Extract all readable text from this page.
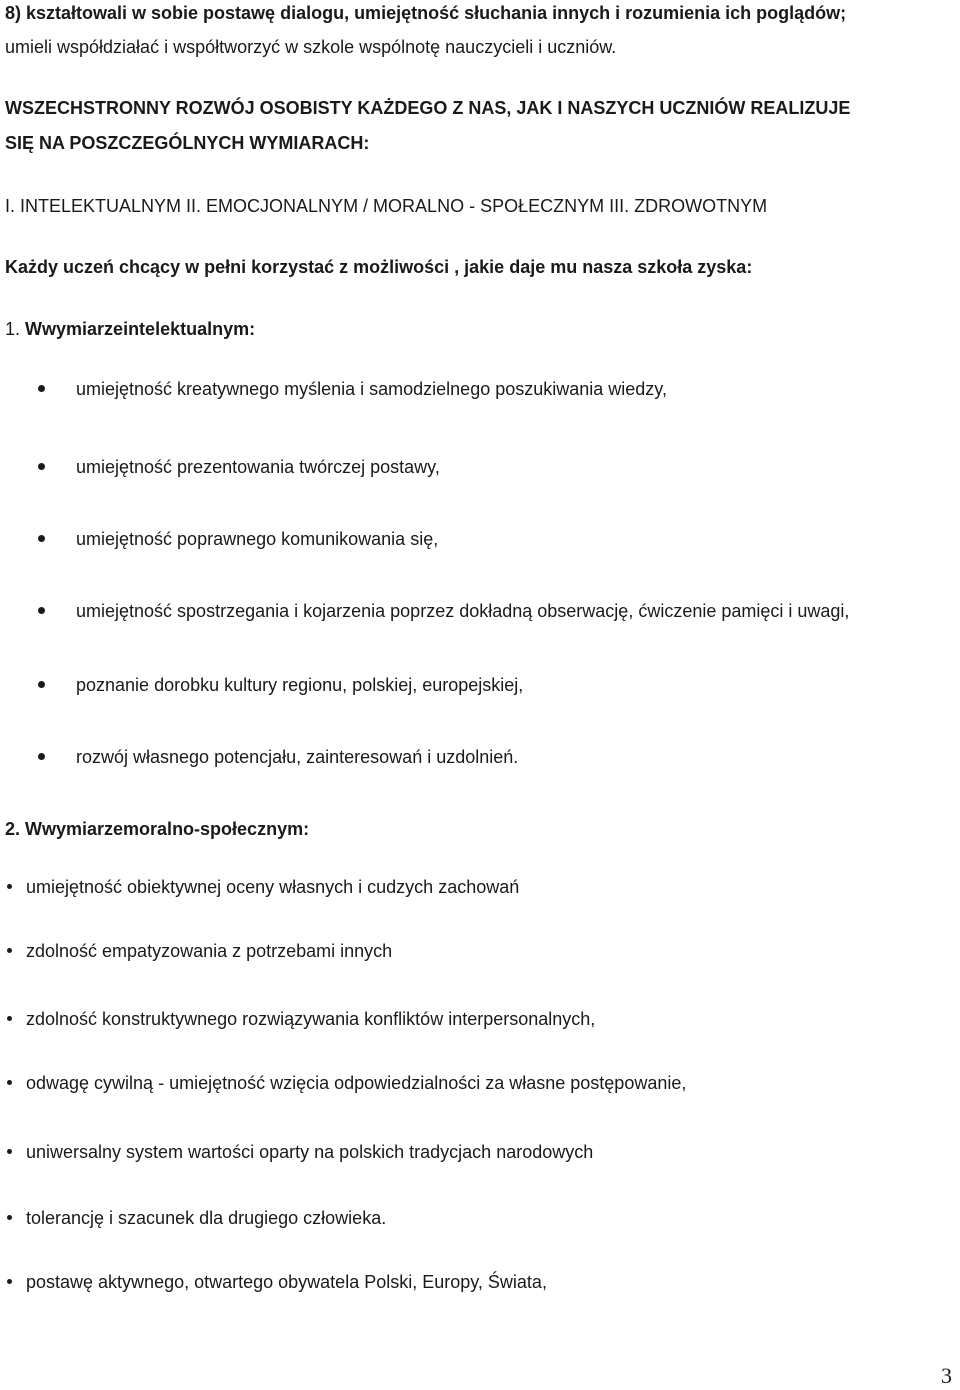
8) kształtowali w sobie postawę dialogu, umiejętność słuchania innych i rozumienia ich poglądów;
umieli współdziałać i współtworzyć w szkole wspólnotę nauczycieli i uczniów.
WSZECHSTRONNY ROZWÓJ OSOBISTY KAŻDEGO Z NAS, JAK I NASZYCH UCZNIÓW REALIZUJE
SIĘ NA POSZCZEGÓLNYCH WYMIARACH:
I. INTELEKTUALNYM II. EMOCJONALNYM / MORALNO - SPOŁECZNYM III. ZDROWOTNYM
Każdy uczeń chcący w pełni korzystać z możliwości , jakie daje mu nasza szkoła zyska:
1. Wwymiarzeintelektualnym:
umiejętność kreatywnego myślenia i samodzielnego poszukiwania wiedzy,
umiejętność prezentowania twórczej postawy,
umiejętność poprawnego komunikowania się,
umiejętność spostrzegania i kojarzenia poprzez dokładną obserwację, ćwiczenie pamięci i uwagi,
poznanie dorobku kultury regionu, polskiej, europejskiej,
rozwój własnego potencjału, zainteresowań i uzdolnień.
2. Wwymiarzemoralno-społecznym:
umiejętność obiektywnej oceny własnych i cudzych zachowań
zdolność empatyzowania z potrzebami innych
zdolność konstruktywnego rozwiązywania konfliktów interpersonalnych,
odwagę cywilną - umiejętność wzięcia odpowiedzialności za własne postępowanie,
uniwersalny system wartości oparty na polskich tradycjach narodowych
tolerancję i szacunek dla drugiego człowieka.
postawę aktywnego, otwartego obywatela Polski, Europy, Świata,
3
